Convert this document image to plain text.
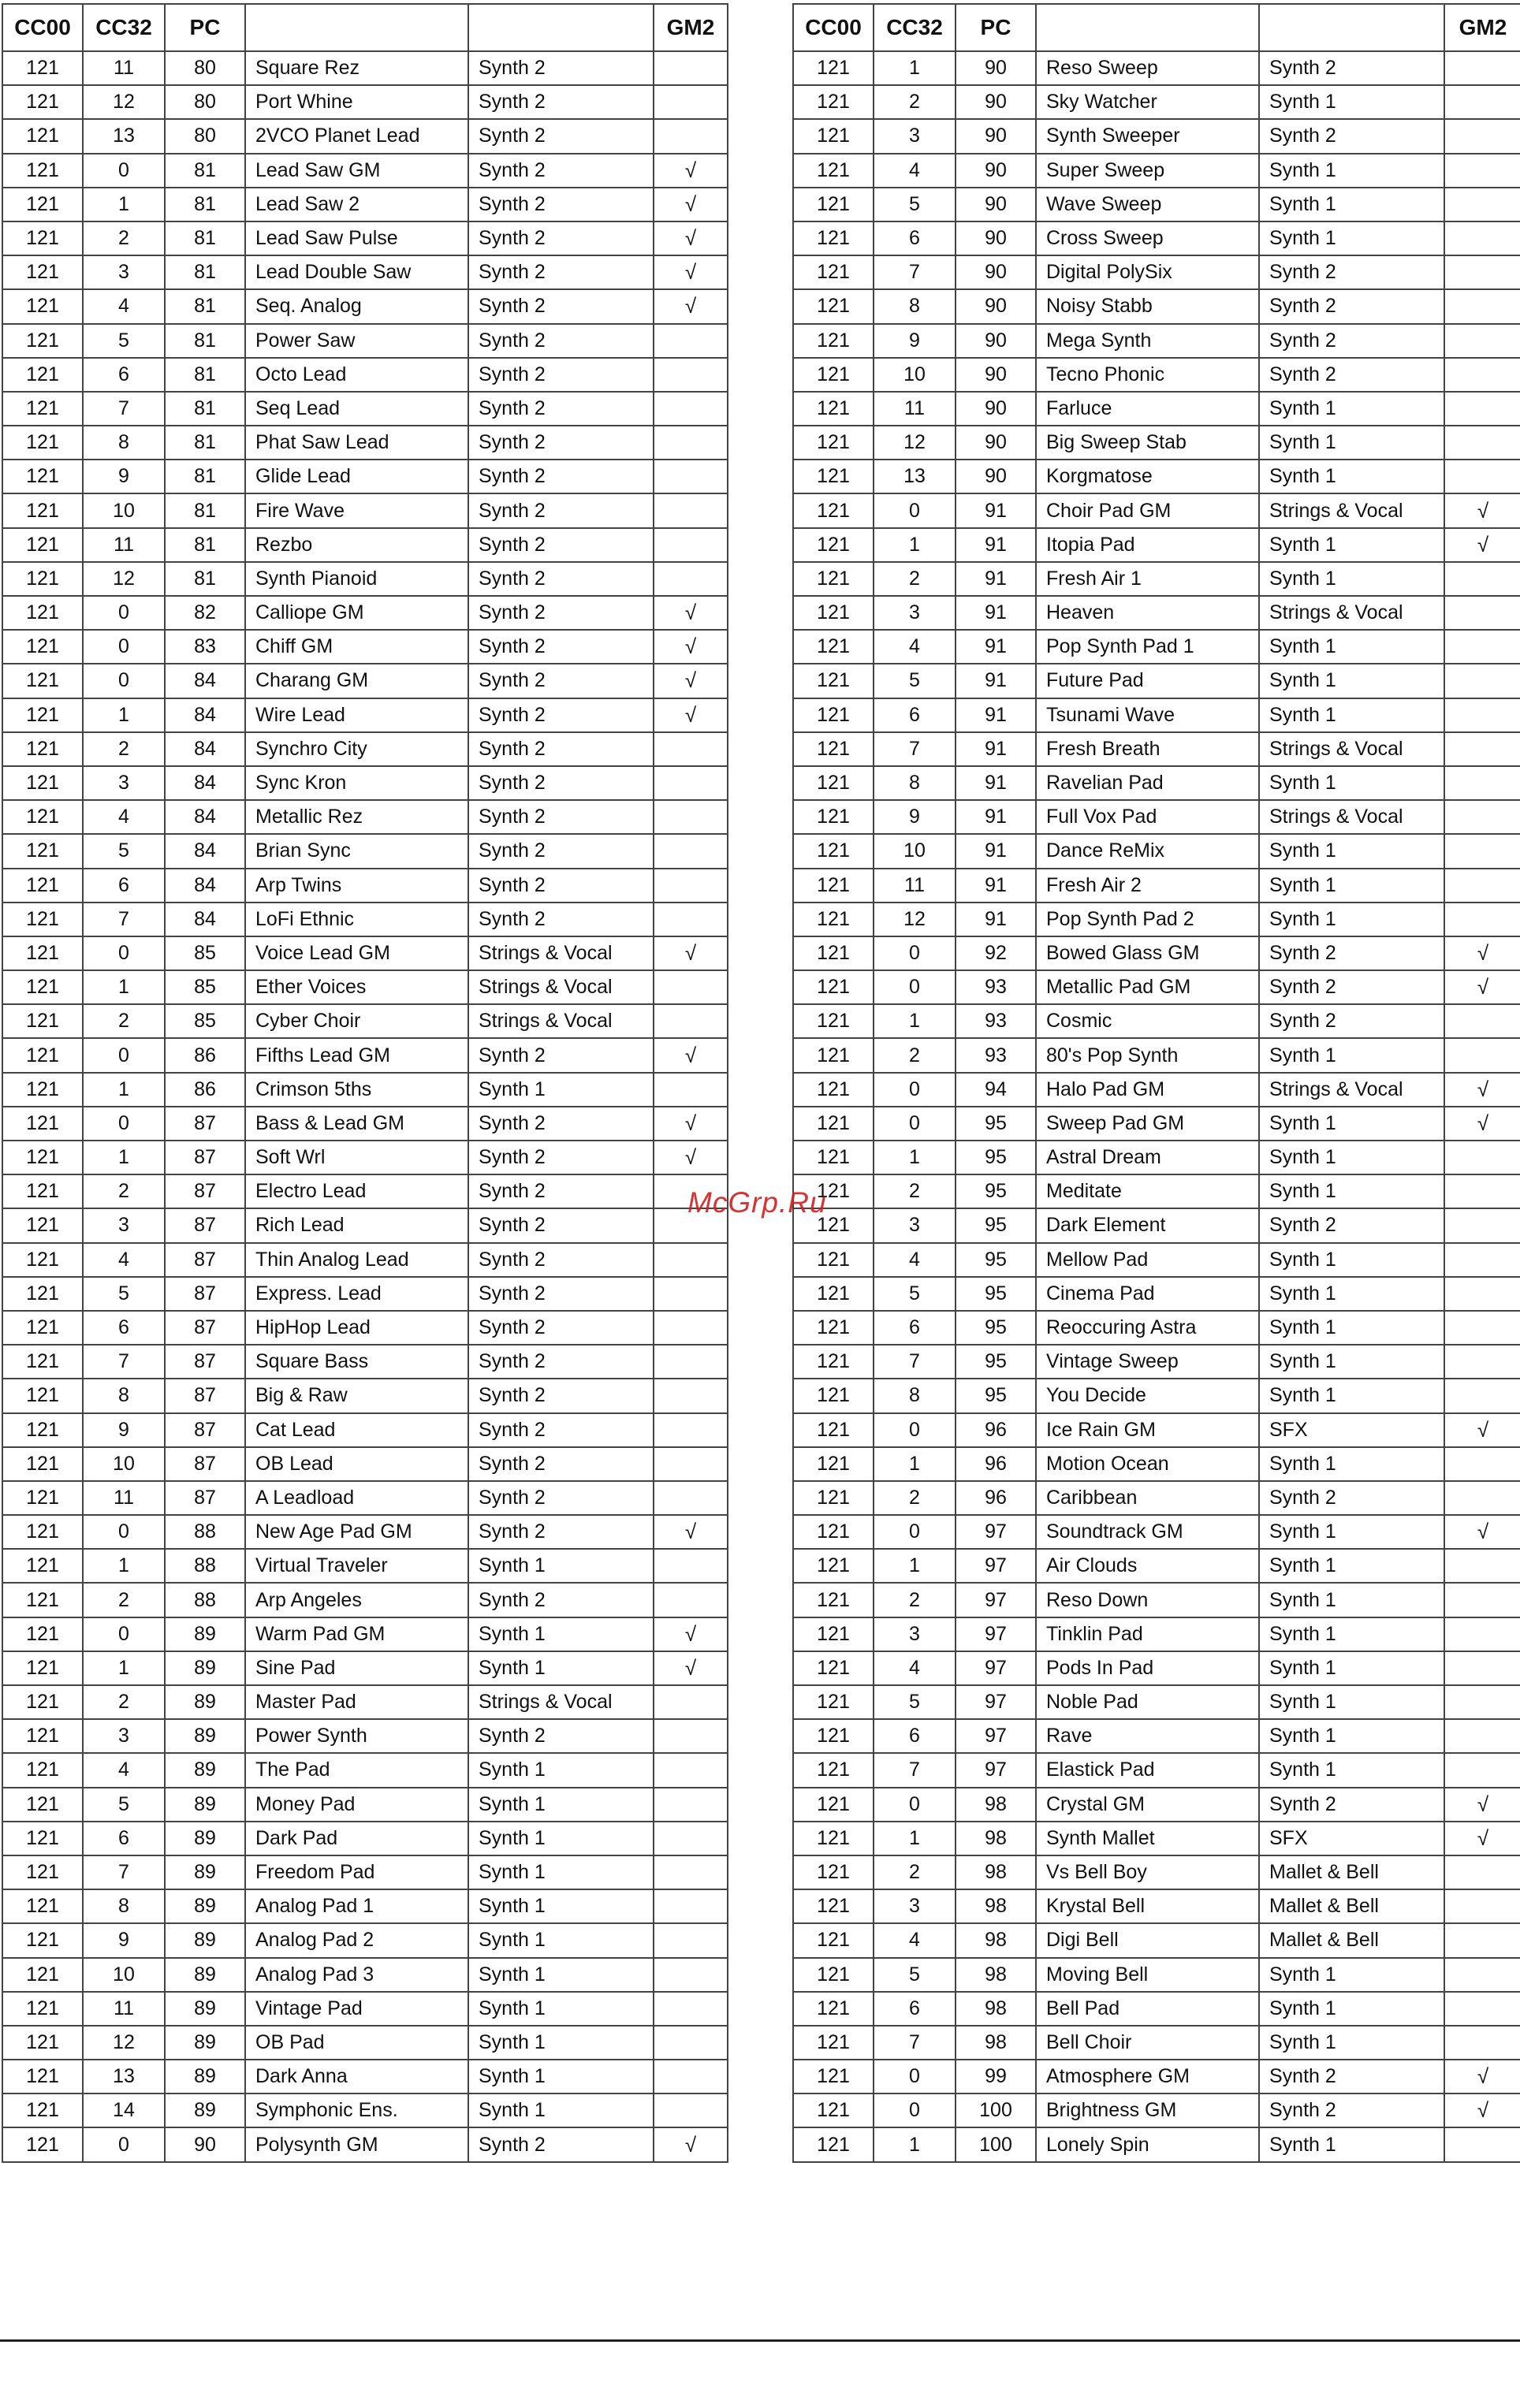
CC00	CC32	PC			GM2
121	11	80	Square Rez	Synth 2	
121	12	80	Port Whine	Synth 2	
121	13	80	2VCO Planet Lead	Synth 2	
121	0	81	Lead Saw GM	Synth 2	√
121	1	81	Lead Saw 2	Synth 2	√
121	2	81	Lead Saw Pulse	Synth 2	√
121	3	81	Lead Double Saw	Synth 2	√
121	4	81	Seq. Analog	Synth 2	√
121	5	81	Power Saw	Synth 2	
121	6	81	Octo Lead	Synth 2	
121	7	81	Seq Lead	Synth 2	
121	8	81	Phat Saw Lead	Synth 2	
121	9	81	Glide Lead	Synth 2	
121	10	81	Fire Wave	Synth 2	
121	11	81	Rezbo	Synth 2	
121	12	81	Synth Pianoid	Synth 2	
121	0	82	Calliope GM	Synth 2	√
121	0	83	Chiff GM	Synth 2	√
121	0	84	Charang GM	Synth 2	√
121	1	84	Wire Lead	Synth 2	√
121	2	84	Synchro City	Synth 2	
121	3	84	Sync Kron	Synth 2	
121	4	84	Metallic Rez	Synth 2	
121	5	84	Brian Sync	Synth 2	
121	6	84	Arp Twins	Synth 2	
121	7	84	LoFi Ethnic	Synth 2	
121	0	85	Voice Lead GM	Strings & Vocal	√
121	1	85	Ether Voices	Strings & Vocal	
121	2	85	Cyber Choir	Strings & Vocal	
121	0	86	Fifths Lead GM	Synth 2	√
121	1	86	Crimson 5ths	Synth 1	
121	0	87	Bass & Lead GM	Synth 2	√
121	1	87	Soft Wrl	Synth 2	√
121	2	87	Electro Lead	Synth 2	
121	3	87	Rich Lead	Synth 2	
121	4	87	Thin Analog Lead	Synth 2	
121	5	87	Express. Lead	Synth 2	
121	6	87	HipHop Lead	Synth 2	
121	7	87	Square Bass	Synth 2	
121	8	87	Big & Raw	Synth 2	
121	9	87	Cat Lead	Synth 2	
121	10	87	OB Lead	Synth 2	
121	11	87	A Leadload	Synth 2	
121	0	88	New Age Pad GM	Synth 2	√
121	1	88	Virtual Traveler	Synth 1	
121	2	88	Arp Angeles	Synth 2	
121	0	89	Warm Pad GM	Synth 1	√
121	1	89	Sine Pad	Synth 1	√
121	2	89	Master Pad	Strings & Vocal	
121	3	89	Power Synth	Synth 2	
121	4	89	The Pad	Synth 1	
121	5	89	Money Pad	Synth 1	
121	6	89	Dark Pad	Synth 1	
121	7	89	Freedom Pad	Synth 1	
121	8	89	Analog Pad 1	Synth 1	
121	9	89	Analog Pad 2	Synth 1	
121	10	89	Analog Pad 3	Synth 1	
121	11	89	Vintage Pad	Synth 1	
121	12	89	OB Pad	Synth 1	
121	13	89	Dark Anna	Synth 1	
121	14	89	Symphonic Ens.	Synth 1	
121	0	90	Polysynth GM	Synth 2	√
CC00	CC32	PC			GM2
121	1	90	Reso Sweep	Synth 2	
121	2	90	Sky Watcher	Synth 1	
121	3	90	Synth Sweeper	Synth 2	
121	4	90	Super Sweep	Synth 1	
121	5	90	Wave Sweep	Synth 1	
121	6	90	Cross Sweep	Synth 1	
121	7	90	Digital PolySix	Synth 2	
121	8	90	Noisy Stabb	Synth 2	
121	9	90	Mega Synth	Synth 2	
121	10	90	Tecno Phonic	Synth 2	
121	11	90	Farluce	Synth 1	
121	12	90	Big Sweep Stab	Synth 1	
121	13	90	Korgmatose	Synth 1	
121	0	91	Choir Pad GM	Strings & Vocal	√
121	1	91	Itopia Pad	Synth 1	√
121	2	91	Fresh Air 1	Synth 1	
121	3	91	Heaven	Strings & Vocal	
121	4	91	Pop Synth Pad 1	Synth 1	
121	5	91	Future Pad	Synth 1	
121	6	91	Tsunami Wave	Synth 1	
121	7	91	Fresh Breath	Strings & Vocal	
121	8	91	Ravelian Pad	Synth 1	
121	9	91	Full Vox Pad	Strings & Vocal	
121	10	91	Dance ReMix	Synth 1	
121	11	91	Fresh Air 2	Synth 1	
121	12	91	Pop Synth Pad 2	Synth 1	
121	0	92	Bowed Glass GM	Synth 2	√
121	0	93	Metallic Pad GM	Synth 2	√
121	1	93	Cosmic	Synth 2	
121	2	93	80's Pop Synth	Synth 1	
121	0	94	Halo Pad GM	Strings & Vocal	√
121	0	95	Sweep Pad GM	Synth 1	√
121	1	95	Astral Dream	Synth 1	
121	2	95	Meditate	Synth 1	
121	3	95	Dark Element	Synth 2	
121	4	95	Mellow Pad	Synth 1	
121	5	95	Cinema Pad	Synth 1	
121	6	95	Reoccuring Astra	Synth 1	
121	7	95	Vintage Sweep	Synth 1	
121	8	95	You Decide	Synth 1	
121	0	96	Ice Rain GM	SFX	√
121	1	96	Motion Ocean	Synth 1	
121	2	96	Caribbean	Synth 2	
121	0	97	Soundtrack GM	Synth 1	√
121	1	97	Air Clouds	Synth 1	
121	2	97	Reso Down	Synth 1	
121	3	97	Tinklin Pad	Synth 1	
121	4	97	Pods In Pad	Synth 1	
121	5	97	Noble Pad	Synth 1	
121	6	97	Rave	Synth 1	
121	7	97	Elastick Pad	Synth 1	
121	0	98	Crystal GM	Synth 2	√
121	1	98	Synth Mallet	SFX	√
121	2	98	Vs Bell Boy	Mallet & Bell	
121	3	98	Krystal Bell	Mallet & Bell	
121	4	98	Digi Bell	Mallet & Bell	
121	5	98	Moving Bell	Synth 1	
121	6	98	Bell Pad	Synth 1	
121	7	98	Bell Choir	Synth 1	
121	0	99	Atmosphere GM	Synth 2	√
121	0	100	Brightness GM	Synth 2	√
121	1	100	Lonely Spin	Synth 1	
McGrp.Ru
